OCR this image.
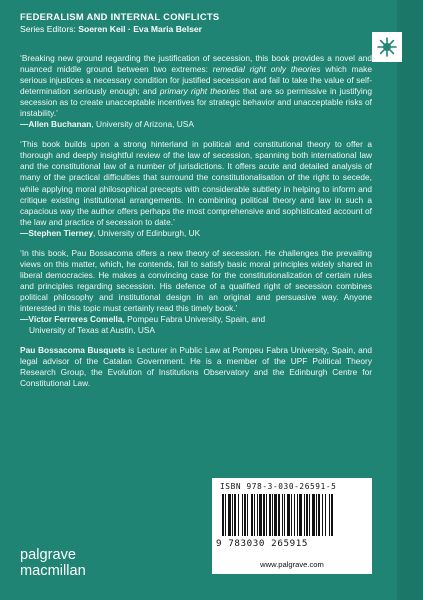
FEDERALISM AND INTERNAL CONFLICTS
Series Editors: Soeren Keil · Eva Maria Belser

‘Breaking new ground regarding the justification of secession, this book provides a novel and nuanced middle ground between two extremes: remedial right only theories which make serious injustices a necessary condition for justified secession and fail to take the value of self-determination seriously enough; and primary right theories that are so permissive in justifying secession as to create unacceptable incentives for strategic behavior and unacceptable risks of instability.’

—Allen Buchanan, University of Arizona, USA

‘This book builds upon a strong hinterland in political and constitutional theory to offer a thorough and deeply insightful review of the law of secession, spanning both international law and the constitutional law of a number of jurisdictions. It offers acute and detailed analysis of many of the practical difficulties that surround the constitutionalisation of the right to secede, while applying moral philosophical precepts with considerable subtlety in helping to inform and critique existing institutional arrangements. In combining political theory and law in such a capacious way the author offers perhaps the most comprehensive and sophisticated account of the law and practice of secession to date.’

—Stephen Tierney, University of Edinburgh, UK

‘In this book, Pau Bossacoma offers a new theory of secession. He challenges the prevailing views on this matter, which, he contends, fail to satisfy basic moral principles widely shared in liberal democracies. He makes a convincing case for the constitutionalization of certain rules and principles regarding secession. His defence of a qualified right of secession combines political philosophy and institutional design in an original and persuasive way. Anyone interested in this topic must certainly read this timely book.’

—Víctor Ferreres Comella, Pompeu Fabra University, Spain, and
University of Texas at Austin, USA

Pau Bossacoma Busquets is Lecturer in Public Law at Pompeu Fabra University, Spain, and legal advisor of the Catalan Government. He is a member of the UPF Political Theory Research Group, the Evolution of Institutions Observatory and the Edinburgh Centre for Constitutional Law.

ISBN 978-3-030-26591-5
9 783030 265915
www.palgrave.com
palgrave
macmillan
